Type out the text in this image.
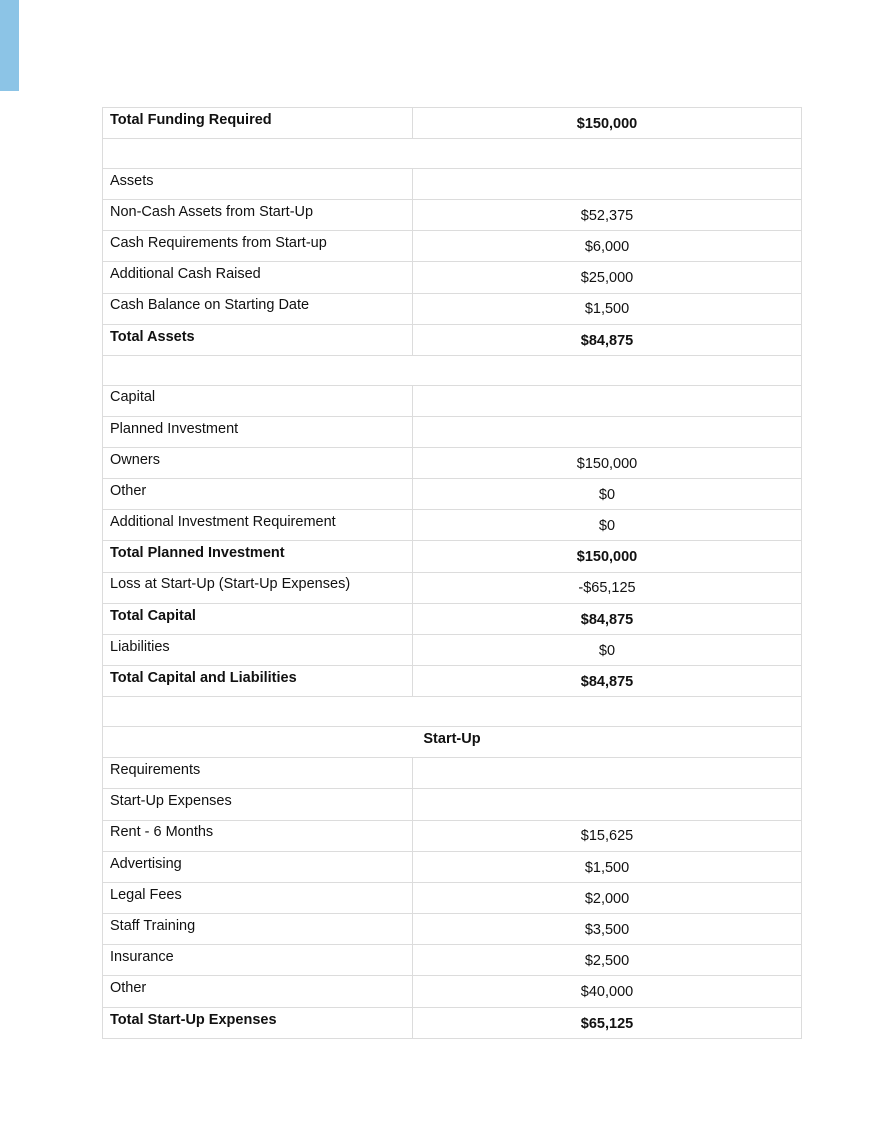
Total Funding Required	$150,000

Assets	
Non-Cash Assets from Start-Up	$52,375
Cash Requirements from Start-up	$6,000
Additional Cash Raised	$25,000
Cash Balance on Starting Date	$1,500
Total Assets	$84,875

Capital	
Planned Investment	
Owners	$150,000
Other	$0
Additional Investment Requirement	$0
Total Planned Investment	$150,000
Loss at Start-Up (Start-Up Expenses)	-$65,125
Total Capital	$84,875
Liabilities	$0
Total Capital and Liabilities	$84,875

Start-Up	
Requirements	
Start-Up Expenses	
Rent - 6 Months	$15,625
Advertising	$1,500
Legal Fees	$2,000
Staff Training	$3,500
Insurance	$2,500
Other	$40,000
Total Start-Up Expenses	$65,125
